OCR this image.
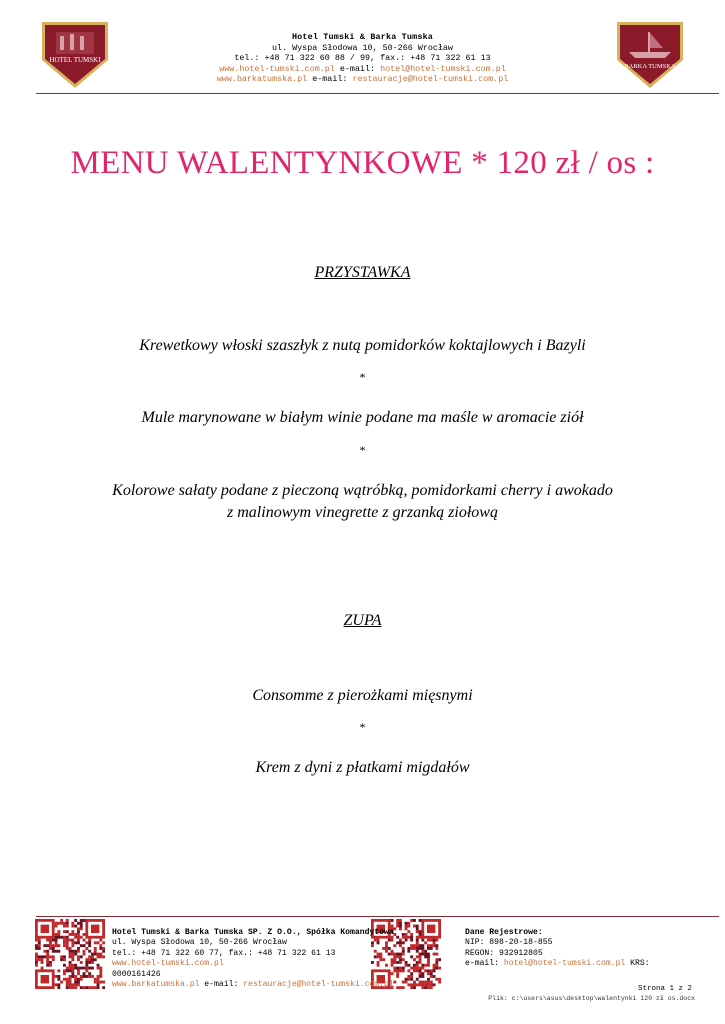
HOTEL TUMSKI
BARKA TUMSKA
Hotel Tumski & Barka Tumska
ul. Wyspa Słodowa 10, 50-266 Wrocław
tel.: +48 71 322 60 88 / 99, fax.: +48 71 322 61 13
www.hotel-tumski.com.pl e-mail: hotel@hotel-tumski.com.pl
www.barkatumska.pl e-mail: restauracje@hotel-tumski.com.pl
MENU WALENTYNKOWE * 120 zł / os :
PRZYSTAWKA
Krewetkowy włoski szaszłyk z nutą pomidorków koktajlowych i Bazyli
*
Mule marynowane w białym winie podane ma maśle w aromacie ziół
*
Kolorowe sałaty podane z pieczoną wątróbką, pomidorkami cherry i awokado
z malinowym vinegrette z grzanką ziołową
ZUPA
Consomme z pierożkami mięsnymi
*
Krem z dyni z płatkami migdałów
Hotel Tumski & Barka Tumska SP. Z O.O., Spółka Komandytowa
ul. Wyspa Słodowa 10, 50-266 Wrocław
tel.: +48 71 322 60 77, fax.: +48 71 322 61 13
www.hotel-tumski.com.pl
0000161426
www.barkatumska.pl e-mail: restauracje@hotel-tumski.com.pl
Dane Rejestrowe:
NIP: 898-20-18-855
REGON: 932912805
e-mail: hotel@hotel-tumski.com.pl KRS:
Strona 1 z 2
Plik: c:\users\asus\desktop\walentynki 120 zł os.docx
